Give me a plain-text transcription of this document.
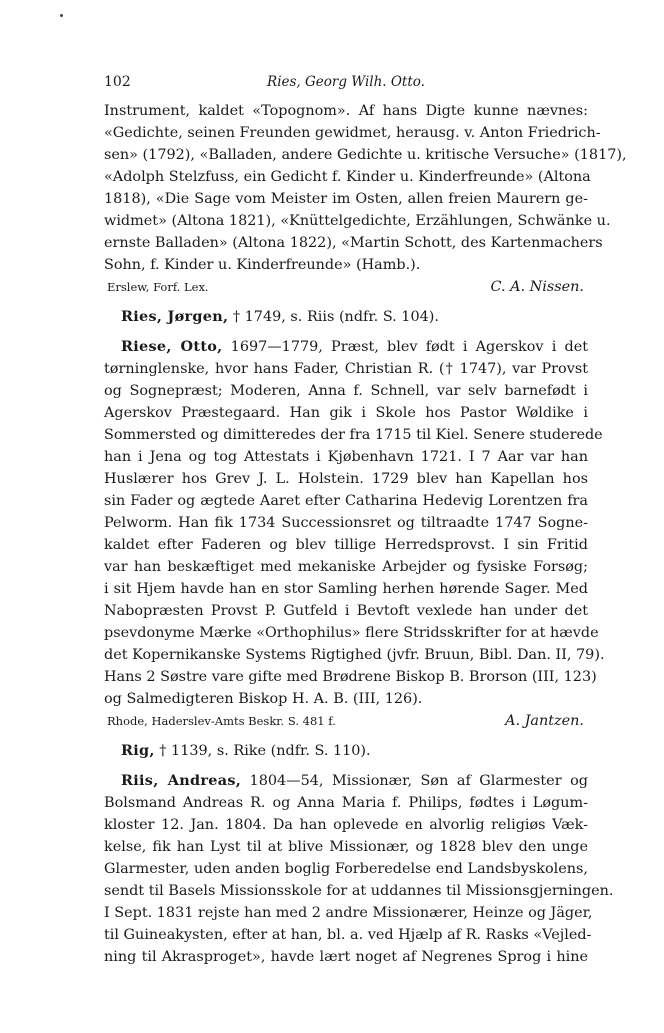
102	Ries, Georg Wilh. Otto.
Instrument, kaldet «Topognom». Af hans Digte kunne nævnes:
«Gedichte, seinen Freunden gewidmet, herausg. v. Anton Friedrich-
sen» (1792), «Balladen, andere Gedichte u. kritische Versuche» (1817),
«Adolph Stelzfuss, ein Gedicht f. Kinder u. Kinderfreunde» (Altona
1818), «Die Sage vom Meister im Osten, allen freien Maurern ge-
widmet» (Altona 1821), «Knüttelgedichte, Erzählungen, Schwänke u.
ernste Balladen» (Altona 1822), «Martin Schott, des Kartenmachers
Sohn, f. Kinder u. Kinderfreunde» (Hamb.).
Erslew, Forf. Lex.	C. A. Nissen.
Ries, Jørgen, † 1749, s. Riis (ndfr. S. 104).
Riese, Otto, 1697—1779, Præst, blev født i Agerskov i det
tørninglenske, hvor hans Fader, Christian R. († 1747), var Provst
og Sognepræst; Moderen, Anna f. Schnell, var selv barnefødt i
Agerskov Præstegaard. Han gik i Skole hos Pastor Wøldike i
Sommersted og dimitteredes der fra 1715 til Kiel. Senere studerede
han i Jena og tog Attestats i Kjøbenhavn 1721. I 7 Aar var han
Huslærer hos Grev J. L. Holstein. 1729 blev han Kapellan hos
sin Fader og ægtede Aaret efter Catharina Hedevig Lorentzen fra
Pelworm. Han fik 1734 Successionsret og tiltraadte 1747 Sogne-
kaldet efter Faderen og blev tillige Herredsprovst. I sin Fritid
var han beskæftiget med mekaniske Arbejder og fysiske Forsøg;
i sit Hjem havde han en stor Samling herhen hørende Sager. Med
Nabopræsten Provst P. Gutfeld i Bevtoft vexlede han under det
psevdonyme Mærke «Orthophilus» flere Stridsskrifter for at hævde
det Kopernikanske Systems Rigtighed (jvfr. Bruun, Bibl. Dan. II, 79).
Hans 2 Søstre vare gifte med Brødrene Biskop B. Brorson (III, 123)
og Salmedigteren Biskop H. A. B. (III, 126).
Rhode, Haderslev-Amts Beskr. S. 481 f.	A. Jantzen.
Rig, † 1139, s. Rike (ndfr. S. 110).
Riis, Andreas, 1804—54, Missionær, Søn af Glarmester og
Bolsmand Andreas R. og Anna Maria f. Philips, fødtes i Løgum-
kloster 12. Jan. 1804. Da han oplevede en alvorlig religiøs Væk-
kelse, fik han Lyst til at blive Missionær, og 1828 blev den unge
Glarmester, uden anden boglig Forberedelse end Landsbyskolens,
sendt til Basels Missionsskole for at uddannes til Missionsgjerningen.
I Sept. 1831 rejste han med 2 andre Missionærer, Heinze og Jäger,
til Guineakysten, efter at han, bl. a. ved Hjælp af R. Rasks «Vejled-
ning til Akrasproget», havde lært noget af Negrenes Sprog i hine
